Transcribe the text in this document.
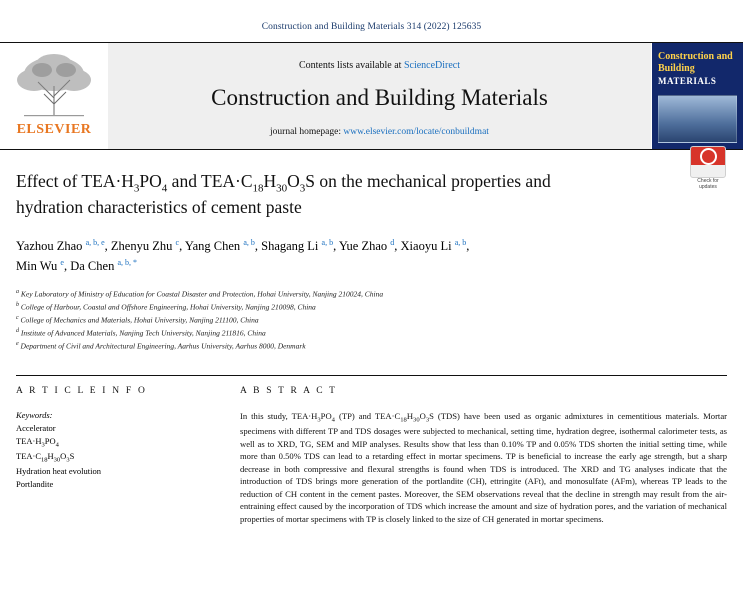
Construction and Building Materials 314 (2022) 125635
ELSEVIER
Contents lists available at ScienceDirect
Construction and Building Materials
journal homepage: www.elsevier.com/locate/conbuildmat
Construction and Building
MATERIALS
Check for updates
Effect of $TEA\cdot H_3PO_4$ and $TEA\cdot C_{18}H_{30}O_3S$ on the mechanical properties and
hydration characteristics of cement paste
Yazhou Zhao $^{a, b, e}$, Zhenyu Zhu $^c$, Yang Chen $^{a, b}$, Shagang Li $^{a, b}$, Yue Zhao $^d$, Xiaoyu Li $^{a, b}$,
Min Wu $^e$, Da Chen $^{a, b, *}$
$^a$ Key Laboratory of Ministry of Education for Coastal Disaster and Protection, Hohai University, Nanjing 210024, China
$^b$ College of Harbour, Coastal and Offshore Engineering, Hohai University, Nanjing 210098, China
$^c$ College of Mechanics and Materials, Hohai University, Nanjing 211100, China
$^d$ Institute of Advanced Materials, Nanjing Tech University, Nanjing 211816, China
$^e$ Department of Civil and Architectural Engineering, Aarhus University, Aarhus 8000, Denmark
A R T I C L E I N F O
Keywords:
Accelerator
$TEA\cdot H_3PO_4$
$TEA\cdot C_{18}H_{30}O_3S$
Hydration heat evolution
Portlandite
A B S T R A C T
In this study, $TEA\cdot H_3PO_4$ (TP) and $TEA\cdot C_{18}H_{30}O_3S$ (TDS) have been used as organic admixtures in cementitious materials. Mortar specimens with different TP and TDS dosages were subjected to mechanical, setting time, hydration degree, isothermal calorimeter tests, as well as to XRD, TG, SEM and MIP analyses. Results show that less than 0.10% TP and 0.05% TDS shorten the initial setting time, while more than 0.50% TDS can lead to a retarding effect in mortar specimens. TP is beneficial to increase the early age strength, but a sharp decrease in both compressive and flexural strengths is found when TDS is introduced. The XRD and TG analyses indicate that the introduction of TDS brings more generation of the portlandite (CH), ettringite (AFt), and monosulfate (AFm), whereas TP leads to the reduction of CH content in the cement pastes. Moreover, the SEM observations reveal that the decline in strength may result from the air-entraining effect caused by the incorporation of TDS which increase the amount and size of hydration pores, and the variation of mechanical properties of mortar specimens with TP is closely linked to the size of CH generated in mortar specimens.
